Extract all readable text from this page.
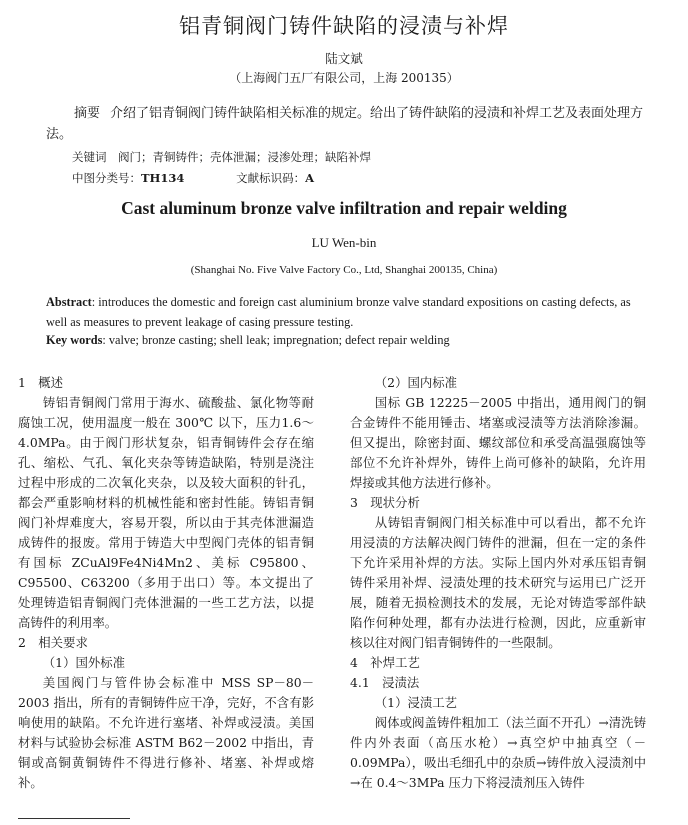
铝青铜阀门铸件缺陷的浸渍与补焊
陆文斌
（上海阀门五厂有限公司，上海 200135）
摘要 介绍了铝青铜阀门铸件缺陷相关标准的规定。给出了铸件缺陷的浸渍和补焊工艺及表面处理方法。
关键词　 阀门；青铜铸件；壳体泄漏；浸渗处理；缺陷补焊
中图分类号：TH134	文献标识码：A
Cast aluminum bronze valve infiltration and repair welding
LU Wen-bin
(Shanghai No. Five Valve Factory Co., Ltd, Shanghai 200135, China)
Abstract: introduces the domestic and foreign cast aluminium bronze valve standard expositions on casting defects, as well as measures to prevent leakage of casing pressure testing.
Key words: valve; bronze casting; shell leak; impregnation; defect repair welding

1　概述

铸铝青铜阀门常用于海水、硫酸盐、氯化物等耐腐蚀工况，使用温度一般在 300℃ 以下，压力1.6～4.0MPa。由于阀门形状复杂，铝青铜铸件会存在缩孔、缩松、气孔、氧化夹杂等铸造缺陷，特别是浇注过程中形成的二次氧化夹杂，以及较大面积的针孔，都会严重影响材料的机械性能和密封性能。铸铝青铜阀门补焊难度大，容易开裂，所以由于其壳体泄漏造成铸件的报废。常用于铸造大中型阀门壳体的铝青铜有国标 ZCuAl9Fe4Ni4Mn2、美标 C95800、C95500、C63200（多用于出口）等。本文提出了处理铸造铝青铜阀门壳体泄漏的一些工艺方法，以提高铸件的利用率。

2　相关要求

（1）国外标准

美国阀门与管件协会标准中 MSS SP－80－2003 指出，所有的青铜铸件应干净，完好，不含有影响使用的缺陷。不允许进行塞堵、补焊或浸渍。美国材料与试验协会标准 ASTM B62－2002 中指出，青铜或高铜黄铜铸件不得进行修补、堵塞、补焊或熔补。

（2）国内标准

国标 GB 12225－2005 中指出，通用阀门的铜合金铸件不能用锤击、堵塞或浸渍等方法消除渗漏。但又提出，除密封面、螺纹部位和承受高温强腐蚀等部位不允许补焊外，铸件上尚可修补的缺陷，允许用焊接或其他方法进行修补。

3　现状分析

从铸铝青铜阀门相关标准中可以看出，都不允许用浸渍的方法解决阀门铸件的泄漏，但在一定的条件下允许采用补焊的方法。实际上国内外对承压铝青铜铸件采用补焊、浸渍处理的技术研究与运用已广泛开展，随着无损检测技术的发展，无论对铸造零部件缺陷作何种处理，都有办法进行检测，因此，应重新审核以往对阀门铝青铜铸件的一些限制。

4　补焊工艺

4.1　浸渍法

（1）浸渍工艺

阀体或阀盖铸件粗加工（法兰面不开孔）→清洗铸件内外表面（高压水枪）→真空炉中抽真空（－0.09MPa），吸出毛细孔中的杂质→铸件放入浸渍剂中→在 0.4～3MPa 压力下将浸渍剂压入铸件
